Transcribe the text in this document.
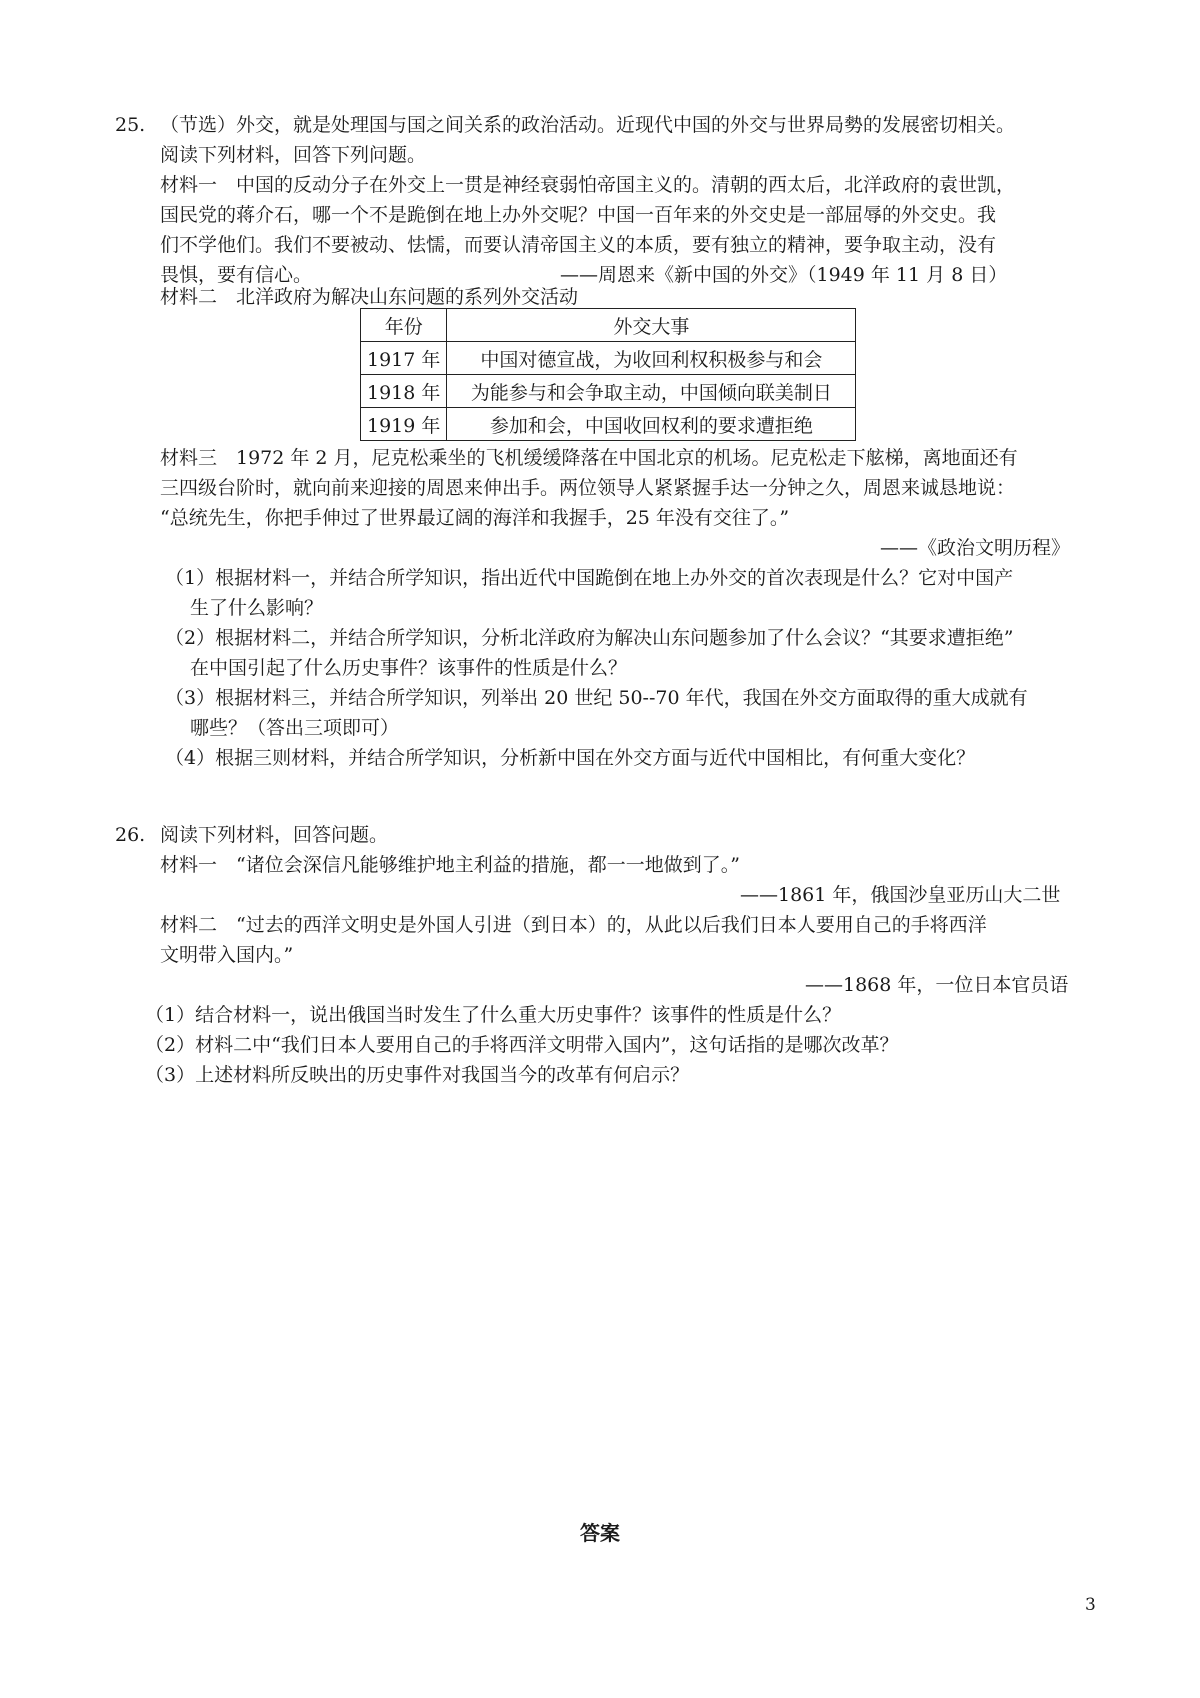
25. （节选）外交，就是处理国与国之间关系的政治活动。近现代中国的外交与世界局勢的发展密切相关。
阅读下列材料，回答下列问题。
材料一　中国的反动分子在外交上一贯是神经衰弱怕帝国主义的。清朝的西太后，北洋政府的袁世凯，
国民党的蒋介石，哪一个不是跪倒在地上办外交呢？中国一百年来的外交史是一部屈辱的外交史。我
们不学他们。我们不要被动、怯懦，而要认清帝国主义的本质，要有独立的精神，要争取主动，没有
畏惧，要有信心。	——周恩来《新中国的外交》（1949 年 11 月 8 日）
材料二　北洋政府为解决山东问题的系列外交活动
年份	外交大事
1917 年	中国对德宣战，为收回利权积极参与和会
1918 年	为能参与和会争取主动，中国倾向联美制日
1919 年	参加和会，中国收回权利的要求遭拒绝
材料三　1972 年 2 月，尼克松乘坐的飞机缓缓降落在中国北京的机场。尼克松走下舷梯，离地面还有
三四级台阶时，就向前来迎接的周恩来伸出手。两位领导人紧紧握手达一分钟之久，周恩来诚恳地说：
“总统先生，你把手伸过了世界最辽阔的海洋和我握手，25 年没有交往了。”
——《政治文明历程》
（1）根据材料一，并结合所学知识，指出近代中国跪倒在地上办外交的首次表现是什么？它对中国产
生了什么影响？
（2）根据材料二，并结合所学知识，分析北洋政府为解决山东问题参加了什么会议？“其要求遭拒绝”
在中国引起了什么历史事件？该事件的性质是什么？
（3）根据材料三，并结合所学知识，列举出 20 世纪 50--70 年代，我国在外交方面取得的重大成就有
哪些？（答出三项即可）
（4）根据三则材料，并结合所学知识，分析新中国在外交方面与近代中国相比，有何重大变化？
26. 阅读下列材料，回答问题。
材料一　“诸位会深信凡能够维护地主利益的措施，都一一地做到了。”
——1861 年，俄国沙皇亚历山大二世
材料二　“过去的西洋文明史是外国人引进（到日本）的，从此以后我们日本人要用自己的手将西洋
文明带入国内。”
——1868 年，一位日本官员语
（1）结合材料一，说出俄国当时发生了什么重大历史事件？该事件的性质是什么？
（2）材料二中“我们日本人要用自己的手将西洋文明带入国内”，这句话指的是哪次改革？
（3）上述材料所反映出的历史事件对我国当今的改革有何启示？
答案
3
